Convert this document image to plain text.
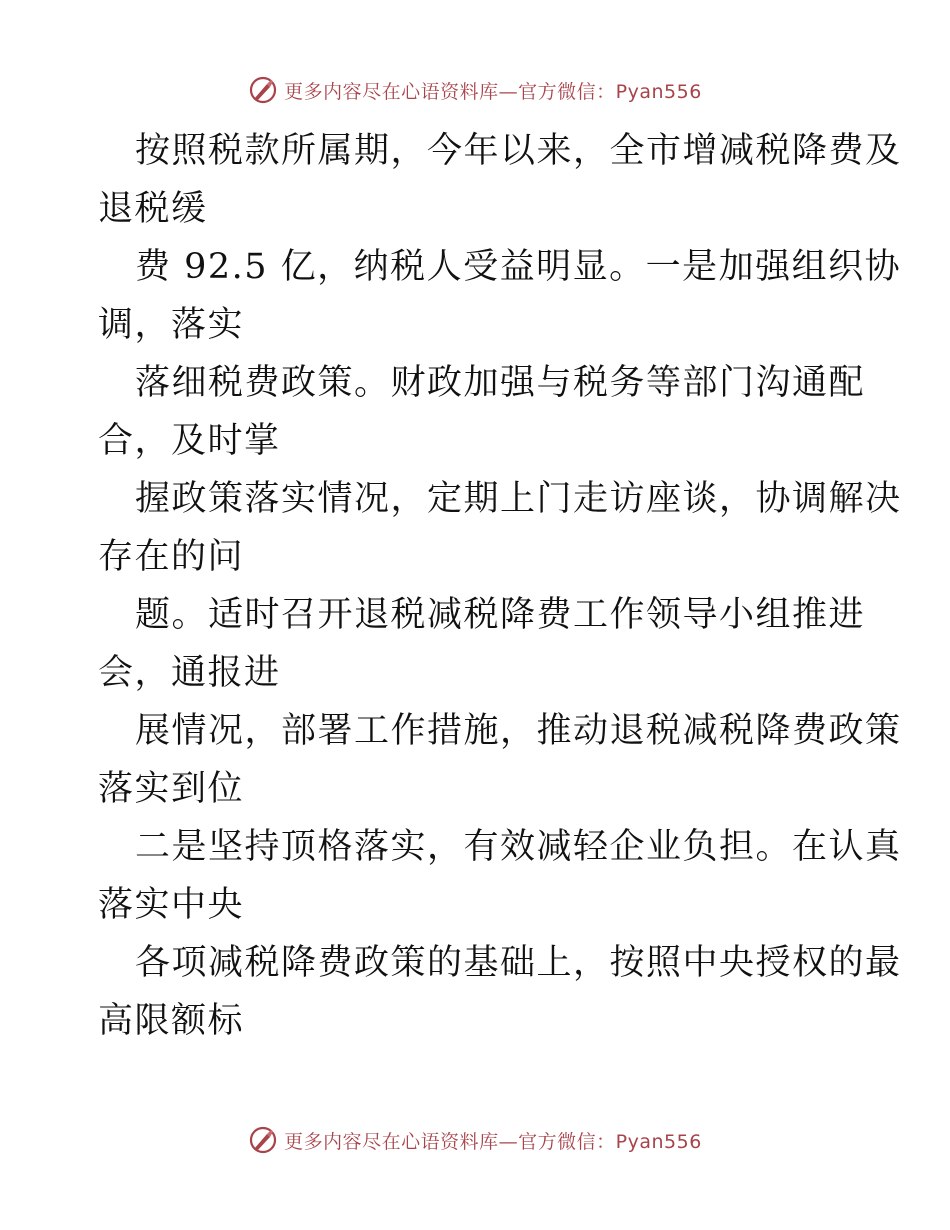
更多内容尽在心语资料库—官方微信：Pyan556
按照税款所属期，今年以来，全市增减税降费及
退税缓
费 92.5 亿，纳税人受益明显。一是加强组织协
调，落实
落细税费政策。财政加强与税务等部门沟通配
合，及时掌
握政策落实情况，定期上门走访座谈，协调解决
存在的问
题。适时召开退税减税降费工作领导小组推进
会，通报进
展情况，部署工作措施，推动退税减税降费政策
落实到位
二是坚持顶格落实，有效减轻企业负担。在认真
落实中央
各项减税降费政策的基础上，按照中央授权的最
高限额标
更多内容尽在心语资料库—官方微信：Pyan556
